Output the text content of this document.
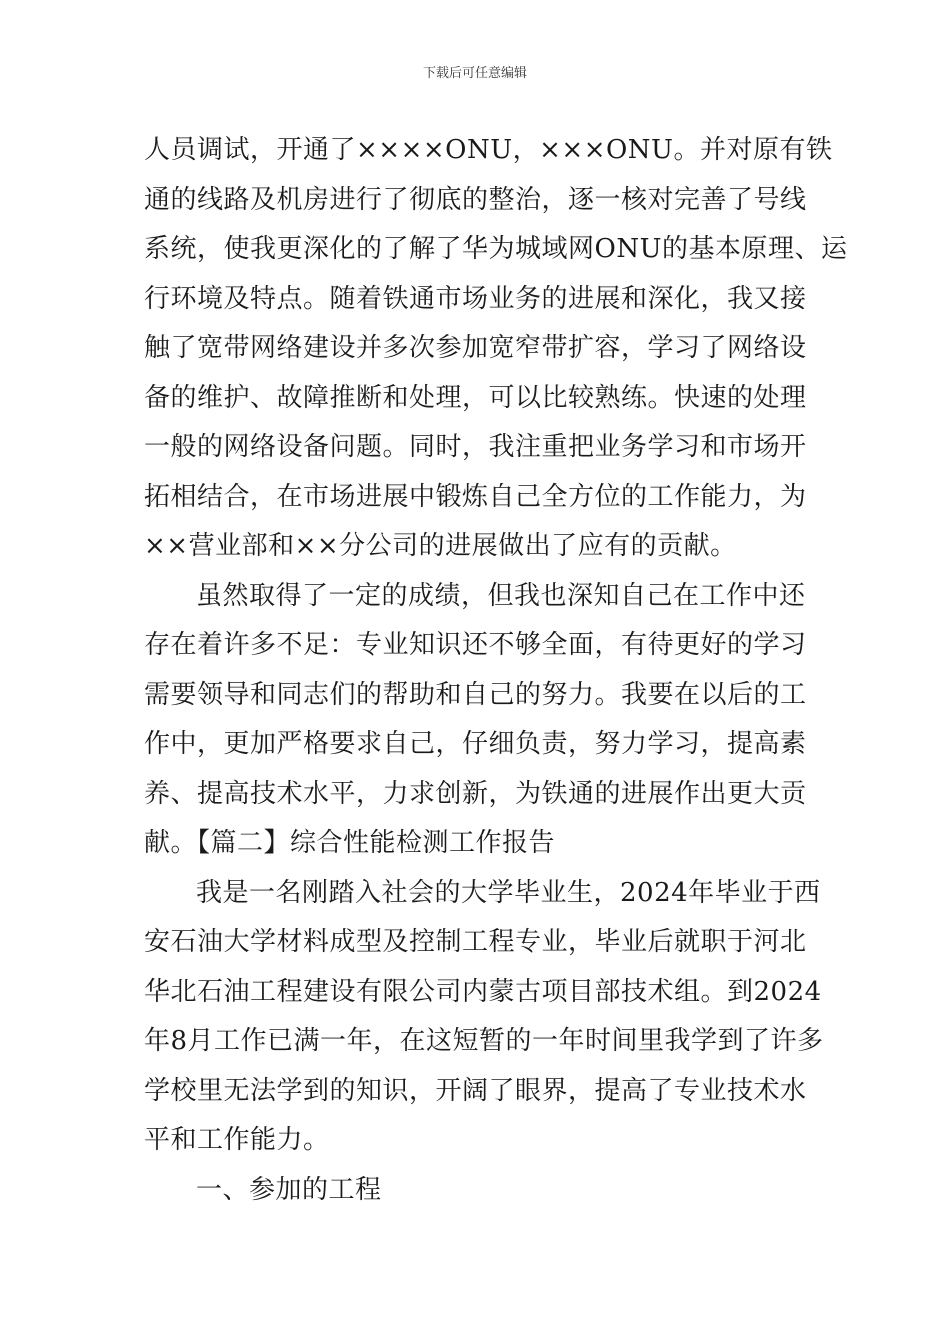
下载后可任意编辑
人员调试，开通了××××ONU，×××ONU。并对原有铁
通的线路及机房进行了彻底的整治，逐一核对完善了号线
系统，使我更深化的了解了华为城域网ONU的基本原理、运
行环境及特点。随着铁通市场业务的进展和深化，我又接
触了宽带网络建设并多次参加宽窄带扩容，学习了网络设
备的维护、故障推断和处理，可以比较熟练。快速的处理
一般的网络设备问题。同时，我注重把业务学习和市场开
拓相结合，在市场进展中锻炼自己全方位的工作能力，为
××营业部和××分公司的进展做出了应有的贡献。
虽然取得了一定的成绩，但我也深知自己在工作中还
存在着许多不足：专业知识还不够全面，有待更好的学习
需要领导和同志们的帮助和自己的努力。我要在以后的工
作中，更加严格要求自己，仔细负责，努力学习，提高素
养、提高技术水平，力求创新，为铁通的进展作出更大贡
献。【篇二】综合性能检测工作报告
我是一名刚踏入社会的大学毕业生，2024年毕业于西
安石油大学材料成型及控制工程专业，毕业后就职于河北
华北石油工程建设有限公司内蒙古项目部技术组。到2024
年8月工作已满一年，在这短暂的一年时间里我学到了许多
学校里无法学到的知识，开阔了眼界，提高了专业技术水
平和工作能力。
一、参加的工程
